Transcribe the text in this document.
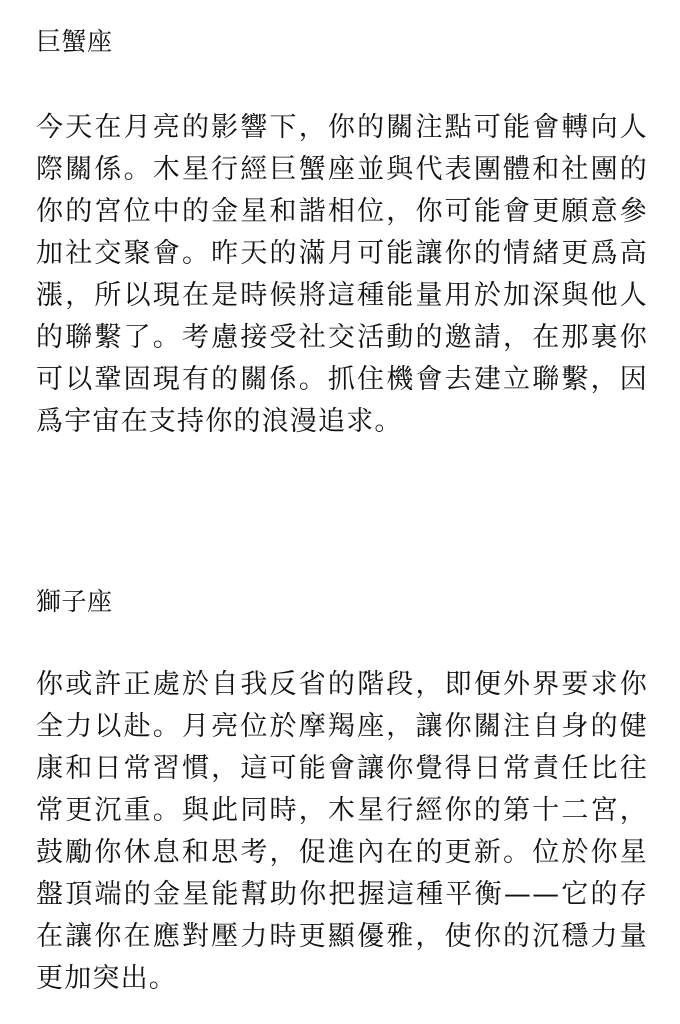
巨蟹座

今天在月亮的影響下，你的關注點可能會轉向人際關係。木星行經巨蟹座並與代表團體和社團的你的宮位中的金星和諧相位，你可能會更願意參加社交聚會。昨天的滿月可能讓你的情緒更爲高漲，所以現在是時候將這種能量用於加深與他人的聯繫了。考慮接受社交活動的邀請，在那裏你可以鞏固現有的關係。抓住機會去建立聯繫，因爲宇宙在支持你的浪漫追求。

獅子座

你或許正處於自我反省的階段，即便外界要求你全力以赴。月亮位於摩羯座，讓你關注自身的健康和日常習慣，這可能會讓你覺得日常責任比往常更沉重。與此同時，木星行經你的第十二宮，鼓勵你休息和思考，促進內在的更新。位於你星盤頂端的金星能幫助你把握這種平衡——它的存在讓你在應對壓力時更顯優雅，使你的沉穩力量更加突出。
